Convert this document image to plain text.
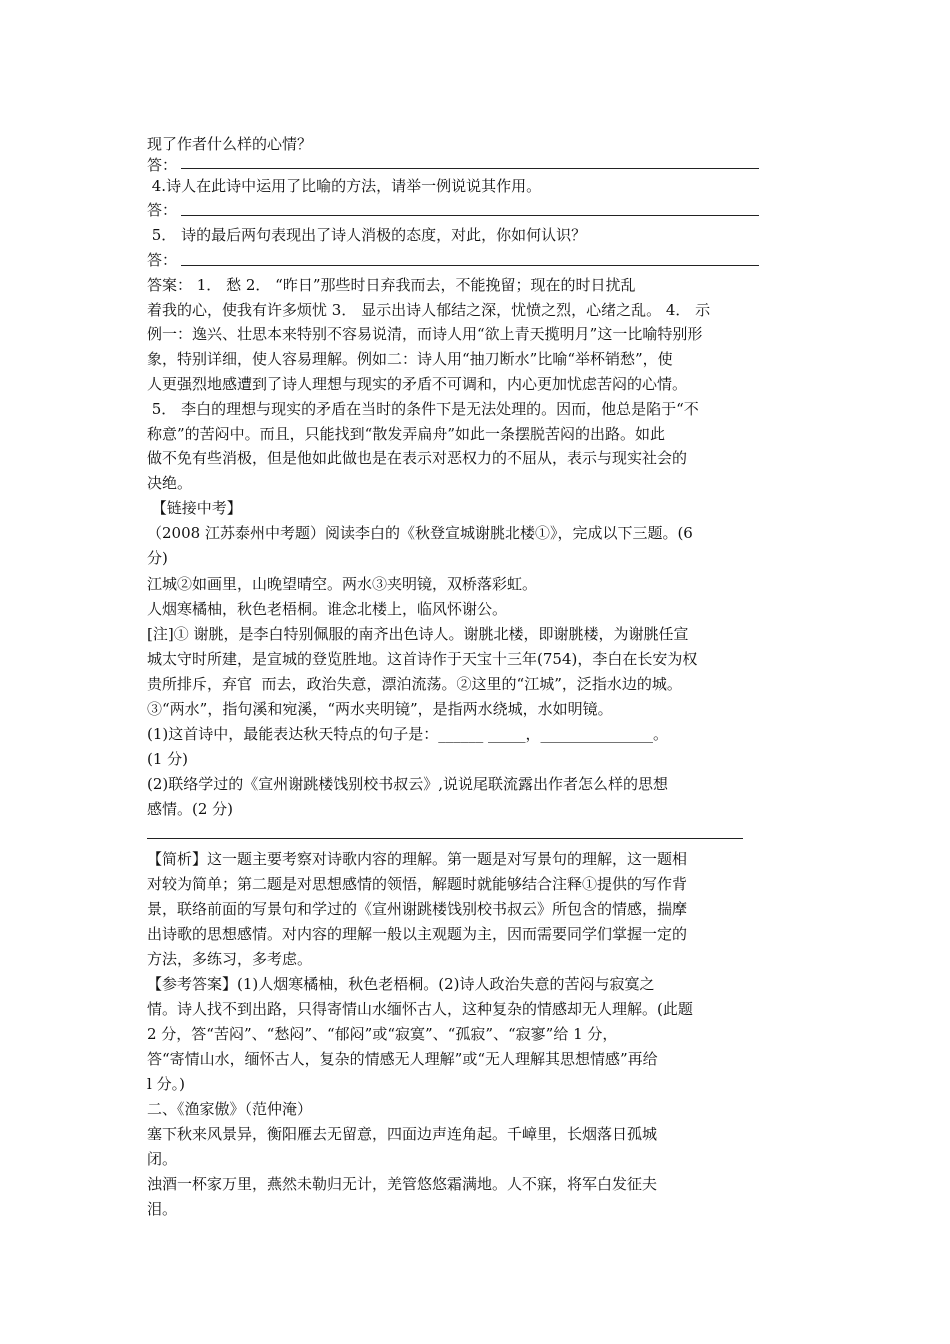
现了作者什么样的心情？
答：
4.诗人在此诗中运用了比喻的方法，请举一例说说其作用。
答：
5． 诗的最后两句表现出了诗人消极的态度，对此，你如何认识？
答：
答案： 1． 愁 2． “昨日”那些时日弃我而去，不能挽留；现在的时日扰乱
着我的心，使我有许多烦忧 3． 显示出诗人郁结之深，忧愤之烈，心绪之乱。 4． 示
例一：逸兴、壮思本来特别不容易说清，而诗人用“欲上青天揽明月”这一比喻特别形
象，特别详细，使人容易理解。例如二：诗人用“抽刀断水”比喻“举杯销愁”，使
人更强烈地感遭到了诗人理想与现实的矛盾不可调和，内心更加忧虑苦闷的心情。
5． 李白的理想与现实的矛盾在当时的条件下是无法处理的。因而，他总是陷于“不
称意”的苦闷中。而且，只能找到“散发弄扁舟”如此一条摆脱苦闷的出路。如此
做不免有些消极，但是他如此做也是在表示对恶权力的不屈从，表示与现实社会的
决绝。
【链接中考】
（2008 江苏泰州中考题）阅读李白的《秋登宣城谢朓北楼①》，完成以下三题。(6
分)
江城②如画里，山晚望晴空。两水③夹明镜，双桥落彩虹。
人烟寒橘柚，秋色老梧桐。谁念北楼上，临风怀谢公。
[注]① 谢朓，是李白特别佩服的南齐出色诗人。谢朓北楼，即谢朓楼，为谢朓任宣
城太守时所建，是宣城的登览胜地。这首诗作于天宝十三年(754)，李白在长安为权
贵所排斥，弃官  而去，政治失意，漂泊流荡。②这里的“江城”，泛指水边的城。
③“两水”，指句溪和宛溪，“两水夹明镜”，是指两水绕城，水如明镜。
(1)这首诗中，最能表达秋天特点的句子是：______ _____，_______________。
(1 分)
(2)联络学过的《宣州谢跳楼饯别校书叔云》,说说尾联流露出作者怎么样的思想
感情。(2 分)
【简析】这一题主要考察对诗歌内容的理解。第一题是对写景句的理解，这一题相
对较为简单；第二题是对思想感情的领悟，解题时就能够结合注释①提供的写作背
景，联络前面的写景句和学过的《宣州谢跳楼饯别校书叔云》所包含的情感，揣摩
出诗歌的思想感情。对内容的理解一般以主观题为主，因而需要同学们掌握一定的
方法，多练习，多考虑。
【参考答案】(1)人烟寒橘柚，秋色老梧桐。(2)诗人政治失意的苦闷与寂寞之
情。诗人找不到出路，只得寄情山水缅怀古人，这种复杂的情感却无人理解。(此题
2 分，答“苦闷”、“愁闷”、“郁闷”或“寂寞”、“孤寂”、“寂寥”给 1 分，
答“寄情山水，缅怀古人，复杂的情感无人理解”或“无人理解其思想情感”再给
l 分。)
二、《渔家傲》（范仲淹）
塞下秋来风景异，衡阳雁去无留意，四面边声连角起。千嶂里，长烟落日孤城
闭。
浊酒一杯家万里，燕然未勒归无计，羌管悠悠霜满地。人不寐，将军白发征夫
泪。
